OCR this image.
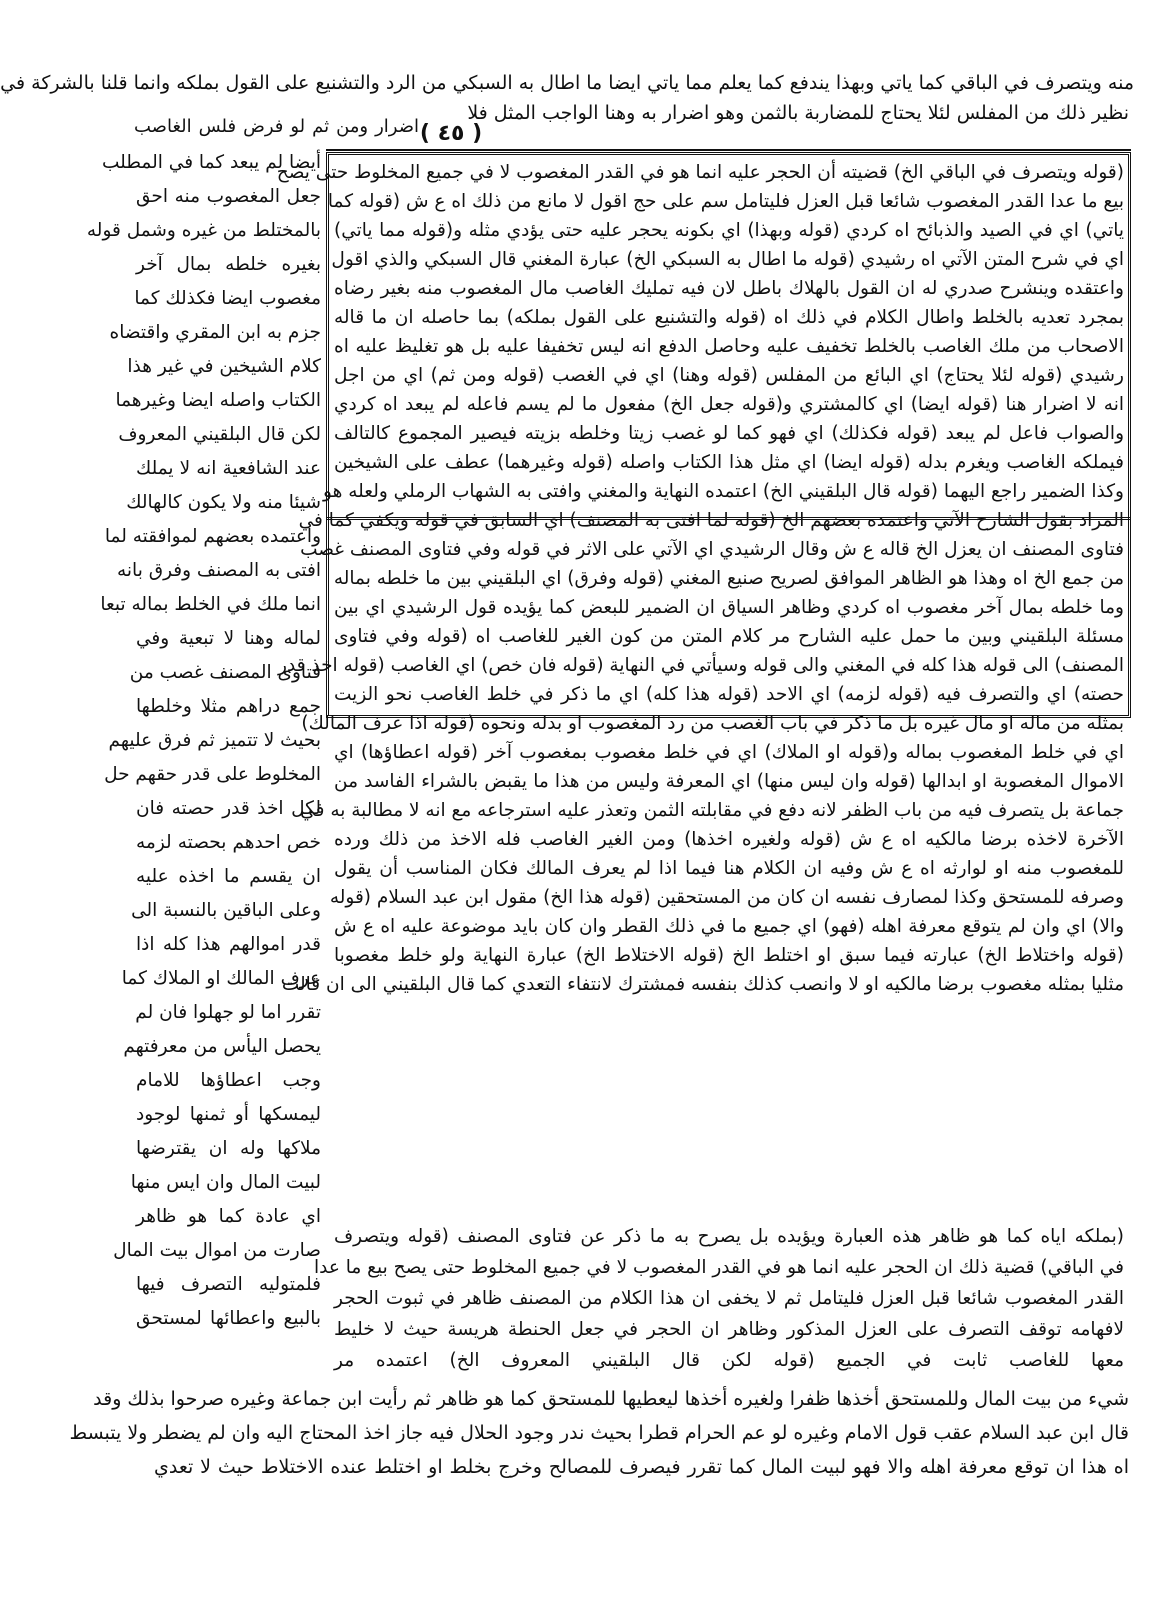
منه ويتصرف في الباقي كما ياتي وبهذا يندفع كما يعلم مما ياتي ايضا ما اطال به السبكي من الرد والتشنيع على القول بملكه وانما قلنا بالشركة في
نظير ذلك من المفلس لئلا يحتاج للمضاربة بالثمن وهو اضرار به وهنا الواجب المثل فلا
اضرار ومن ثم لو فرض فلس الغاصب ( ٤٥ )
(قوله ويتصرف في الباقي الخ) قضيته أن الحجر عليه انما هو في القدر المغصوب لا في جميع المخلوط حتى يصح
بيع ما عدا القدر المغصوب شائعا قبل العزل فليتامل سم على حج اقول لا مانع من ذلك اه ع ش (قوله كما
ياتي) اي في الصيد والذبائح اه كردي (قوله وبهذا) اي بكونه يحجر عليه حتى يؤدي مثله و(قوله مما ياتي)
اي في شرح المتن الآتي اه رشيدي (قوله ما اطال به السبكي الخ) عبارة المغني قال السبكي والذي اقول
واعتقده وينشرح صدري له ان القول بالهلاك باطل لان فيه تمليك الغاصب مال المغصوب منه بغير رضاه
بمجرد تعديه بالخلط واطال الكلام في ذلك اه (قوله والتشنيع على القول بملكه) بما حاصله ان ما قاله
الاصحاب من ملك الغاصب بالخلط تخفيف عليه وحاصل الدفع انه ليس تخفيفا عليه بل هو تغليظ عليه اه
رشيدي (قوله لئلا يحتاج) اي البائع من المفلس (قوله وهنا) اي في الغصب (قوله ومن ثم) اي من اجل
انه لا اضرار هنا (قوله ايضا) اي كالمشتري و(قوله جعل الخ) مفعول ما لم يسم فاعله لم يبعد اه كردي
والصواب فاعل لم يبعد (قوله فكذلك) اي فهو كما لو غصب زيتا وخلطه بزيته فيصير المجموع كالتالف
فيملكه الغاصب ويغرم بدله (قوله ايضا) اي مثل هذا الكتاب واصله (قوله وغيرهما) عطف على الشيخين
وكذا الضمير راجع اليهما (قوله قال البلقيني الخ) اعتمده النهاية والمغني وافتى به الشهاب الرملي ولعله هو
المراد بقول الشارح الآتي واعتمده بعضهم الخ (قوله لما افتى به المصنف) اي السابق في قوله ويكفي كما في
فتاوى المصنف ان يعزل الخ قاله ع ش وقال الرشيدي اي الآتي على الاثر في قوله وفي فتاوى المصنف غصب
من جمع الخ اه وهذا هو الظاهر الموافق لصريح صنيع المغني (قوله وفرق) اي البلقيني بين ما خلطه بماله
وما خلطه بمال آخر مغصوب اه كردي وظاهر السياق ان الضمير للبعض كما يؤيده قول الرشيدي اي بين
مسئلة البلقيني وبين ما حمل عليه الشارح مر كلام المتن من كون الغير للغاصب اه (قوله وفي فتاوى
المصنف) الى قوله هذا كله في المغني والى قوله وسيأتي في النهاية (قوله فان خص) اي الغاصب (قوله اخذ قدر
حصته) اي والتصرف فيه (قوله لزمه) اي الاحد (قوله هذا كله) اي ما ذكر في خلط الغاصب نحو الزيت
بمثله من ماله او مال غيره بل ما ذكر في باب الغصب من رد المغصوب او بدله ونحوه (قوله اذا عرف المالك)
اي في خلط المغصوب بماله و(قوله او الملاك) اي في خلط مغصوب بمغصوب آخر (قوله اعطاؤها) اي
الاموال المغصوبة او ابدالها (قوله وان ليس منها) اي المعرفة وليس من هذا ما يقبض بالشراء الفاسد من
جماعة بل يتصرف فيه من باب الظفر لانه دفع في مقابلته الثمن وتعذر عليه استرجاعه مع انه لا مطالبة به في
الآخرة لاخذه برضا مالكيه اه ع ش (قوله ولغيره اخذها) ومن الغير الغاصب فله الاخذ من ذلك ورده
للمغصوب منه او لوارثه اه ع ش وفيه ان الكلام هنا فيما اذا لم يعرف المالك فكان المناسب أن يقول
وصرفه للمستحق وكذا لمصارف نفسه ان كان من المستحقين (قوله هذا الخ) مقول ابن عبد السلام (قوله
والا) اي وان لم يتوقع معرفة اهله (فهو) اي جميع ما في ذلك القطر وان كان بايد موضوعة عليه اه ع ش
(قوله واختلاط الخ) عبارته فيما سبق او اختلط الخ (قوله الاختلاط الخ) عبارة النهاية ولو خلط مغصوبا
مثليا بمثله مغصوب برضا مالكيه او لا وانصب كذلك بنفسه فمشترك لانتفاء التعدي كما قال البلقيني الى ان قالت
(بملكه اياه كما هو ظاهر هذه العبارة ويؤيده بل يصرح به ما ذكر عن فتاوى المصنف (قوله ويتصرف
في الباقي) قضية ذلك ان الحجر عليه انما هو في القدر المغصوب لا في جميع المخلوط حتى يصح بيع ما عدا
القدر المغصوب شائعا قبل العزل فليتامل ثم لا يخفى ان هذا الكلام من المصنف ظاهر في ثبوت الحجر
لافهامه توقف التصرف على العزل المذكور وظاهر ان الحجر في جعل الحنطة هريسة حيث لا خليط
معها للغاصب ثابت في الجميع (قوله لكن قال البلقيني المعروف الخ) اعتمده مر
أيضا لم يبعد كما في المطلب
جعل المغصوب منه احق
بالمختلط من غيره وشمل قوله
بغيره خلطه بمال آخر
مغصوب ايضا فكذلك كما
جزم به ابن المقري واقتضاه
كلام الشيخين في غير هذا
الكتاب واصله ايضا وغيرهما
لكن قال البلقيني المعروف
عند الشافعية انه لا يملك
شيئا منه ولا يكون كالهالك
واعتمده بعضهم لموافقته لما
افتى به المصنف وفرق بانه
انما ملك في الخلط بماله تبعا
لماله وهنا لا تبعية وفي
فتاوى المصنف غصب من
جمع دراهم مثلا وخلطها
بحيث لا تتميز ثم فرق عليهم
المخلوط على قدر حقهم حل
لكل اخذ قدر حصته فان
خص احدهم بحصته لزمه
ان يقسم ما اخذه عليه
وعلى الباقين بالنسبة الى
قدر اموالهم هذا كله اذا
عرف المالك او الملاك كما
تقرر اما لو جهلوا فان لم
يحصل اليأس من معرفتهم
وجب اعطاؤها للامام
ليمسكها أو ثمنها لوجود
ملاكها وله ان يقترضها
لبيت المال وان ايس منها
اي عادة كما هو ظاهر
صارت من اموال بيت المال
فلمتوليه التصرف فيها
بالبيع واعطائها لمستحق
شيء من بيت المال وللمستحق أخذها ظفرا ولغيره أخذها ليعطيها للمستحق كما هو ظاهر ثم رأيت ابن جماعة وغيره صرحوا بذلك وقد
قال ابن عبد السلام عقب قول الامام وغيره لو عم الحرام قطرا بحيث ندر وجود الحلال فيه جاز اخذ المحتاج اليه وان لم يضطر ولا يتبسط
اه هذا ان توقع معرفة اهله والا فهو لبيت المال كما تقرر فيصرف للمصالح وخرج بخلط او اختلط عنده الاختلاط حيث لا تعدي
